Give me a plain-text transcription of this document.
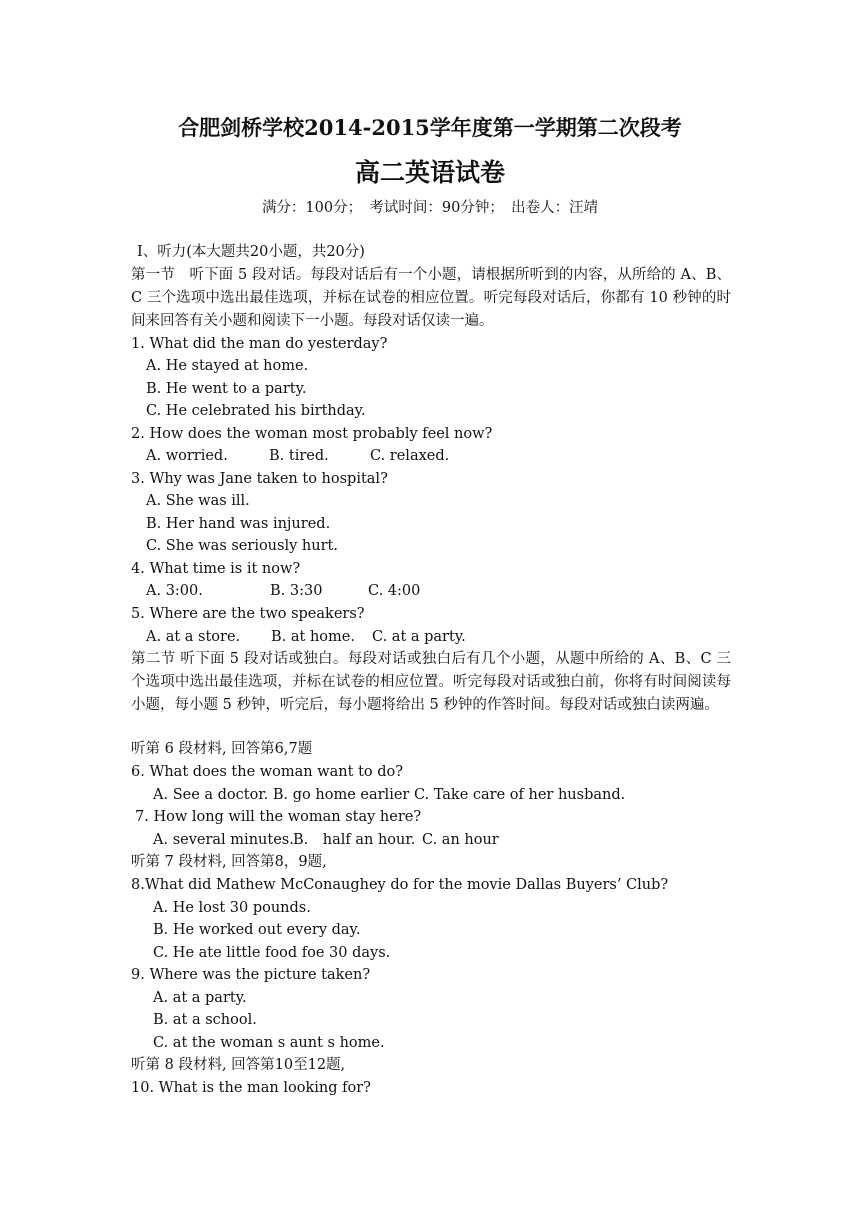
合肥剑桥学校2014-2015学年度第一学期第二次段考
高二英语试卷

满分：100分；　考试时间：90分钟；　出卷人：汪靖

I、听力(本大题共20小题，共20分)

第一节　听下面 5 段对话。每段对话后有一个小题，请根据所听到的内容，从所给的 A、B、C 三个选项中选出最佳选项，并标在试卷的相应位置。听完每段对话后，你都有 10 秒钟的时间来回答有关小题和阅读下一小题。每段对话仅读一遍。

1. What did the man do yesterday?

A. He stayed at home.

B. He went to a party.

C. He celebrated his birthday.

2. How does the woman most probably feel now?

A. worried.	B. tired.	C. relaxed.

3. Why was Jane taken to hospital?

A. She was ill.

B. Her hand was injured.

C. She was seriously hurt.

4. What time is it now?

A. 3:00.	B. 3:30	C. 4:00

5. Where are the two speakers?

A. at a store. B. at home. C. at a party.

第二节 听下面 5 段对话或独白。每段对话或独白后有几个小题，从题中所给的 A、B、C 三个选项中选出最佳选项，并标在试卷的相应位置。听完每段对话或独白前，你将有时间阅读每小题，每小题 5 秒钟，听完后，每小题将给出 5 秒钟的作答时间。每段对话或独白读两遍。

听第 6 段材料, 回答第6,7题

6. What does the woman want to do?

A. See a doctor. B. go home earlier C. Take care of her husband.

7. How long will the woman stay here?

A. several minutes. B.　half an hour. C. an hour

听第 7 段材料, 回答第8，9题,

8.What did Mathew McConaughey do for the movie Dallas Buyers’ Club?

A. He lost 30 pounds.

B. He worked out every day.

C. He ate little food foe 30 days.

9. Where was the picture taken?

A. at a party.

B. at a school.

C. at the woman s aunt s home.

听第 8 段材料, 回答第10至12题,

10. What is the man looking for?
